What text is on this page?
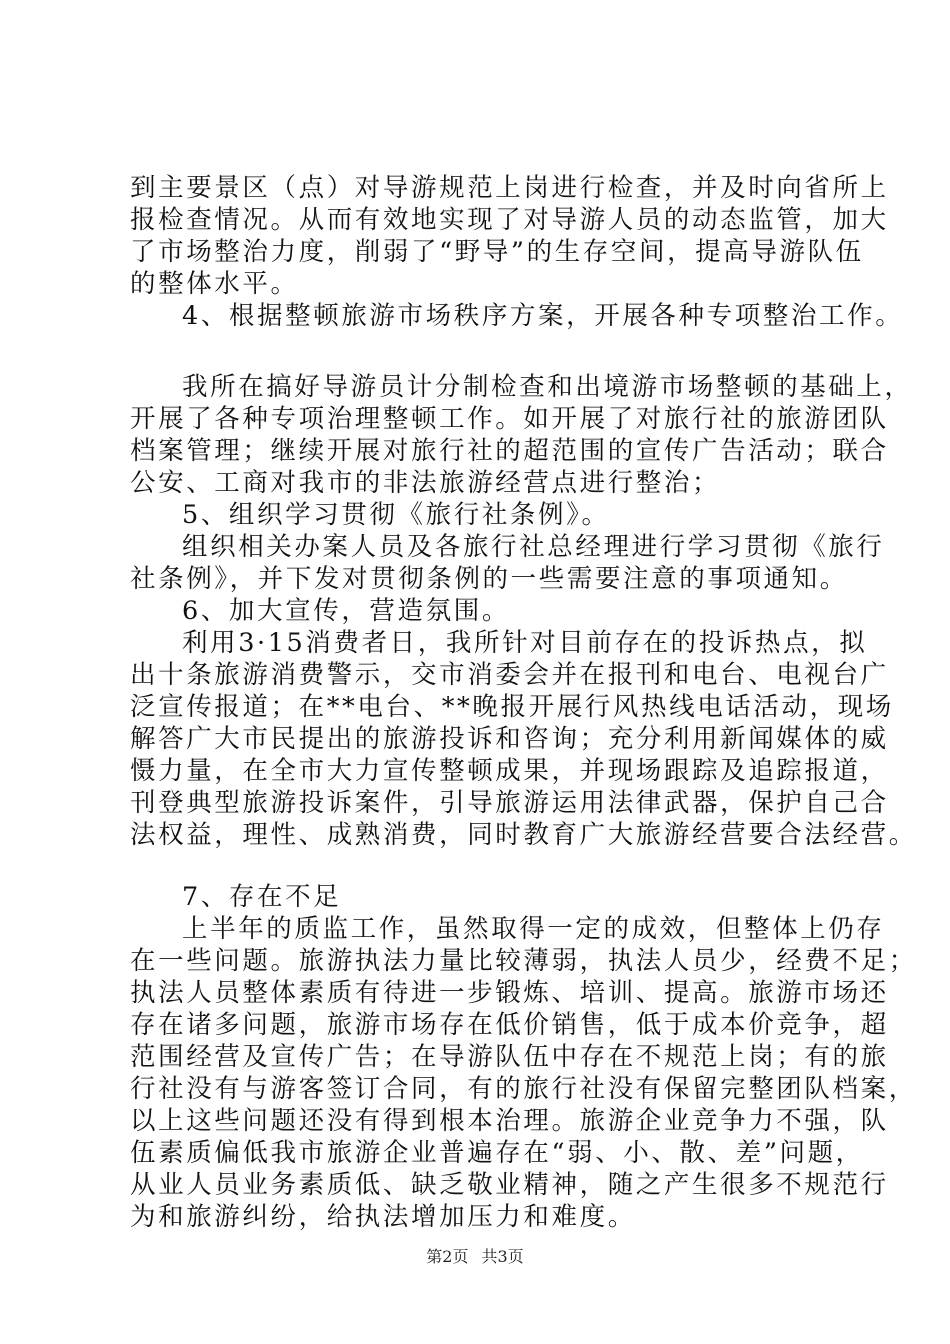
到主要景区（点）对导游规范上岗进行检查，并及时向省所上
报检查情况。从而有效地实现了对导游人员的动态监管，加大
了市场整治力度，削弱了“野导”的生存空间，提高导游队伍
的整体水平。
4、根据整顿旅游市场秩序方案，开展各种专项整治工作。
我所在搞好导游员计分制检查和出境游市场整顿的基础上，
开展了各种专项治理整顿工作。如开展了对旅行社的旅游团队
档案管理；继续开展对旅行社的超范围的宣传广告活动；联合
公安、工商对我市的非法旅游经营点进行整治；
5、组织学习贯彻《旅行社条例》。
组织相关办案人员及各旅行社总经理进行学习贯彻《旅行
社条例》，并下发对贯彻条例的一些需要注意的事项通知。
6、加大宣传，营造氛围。
利用3·15消费者日，我所针对目前存在的投诉热点，拟
出十条旅游消费警示，交市消委会并在报刊和电台、电视台广
泛宣传报道；在**电台、**晚报开展行风热线电话活动，现场
解答广大市民提出的旅游投诉和咨询；充分利用新闻媒体的威
慑力量，在全市大力宣传整顿成果，并现场跟踪及追踪报道，
刊登典型旅游投诉案件，引导旅游运用法律武器，保护自己合
法权益，理性、成熟消费，同时教育广大旅游经营要合法经营。
7、存在不足
上半年的质监工作，虽然取得一定的成效，但整体上仍存
在一些问题。旅游执法力量比较薄弱，执法人员少，经费不足；
执法人员整体素质有待进一步锻炼、培训、提高。旅游市场还
存在诸多问题，旅游市场存在低价销售，低于成本价竞争，超
范围经营及宣传广告；在导游队伍中存在不规范上岗；有的旅
行社没有与游客签订合同，有的旅行社没有保留完整团队档案，
以上这些问题还没有得到根本治理。旅游企业竞争力不强，队
伍素质偏低我市旅游企业普遍存在“弱、小、散、差”问题，
从业人员业务素质低、缺乏敬业精神，随之产生很多不规范行
为和旅游纠纷，给执法增加压力和难度。
第2页 共3页
